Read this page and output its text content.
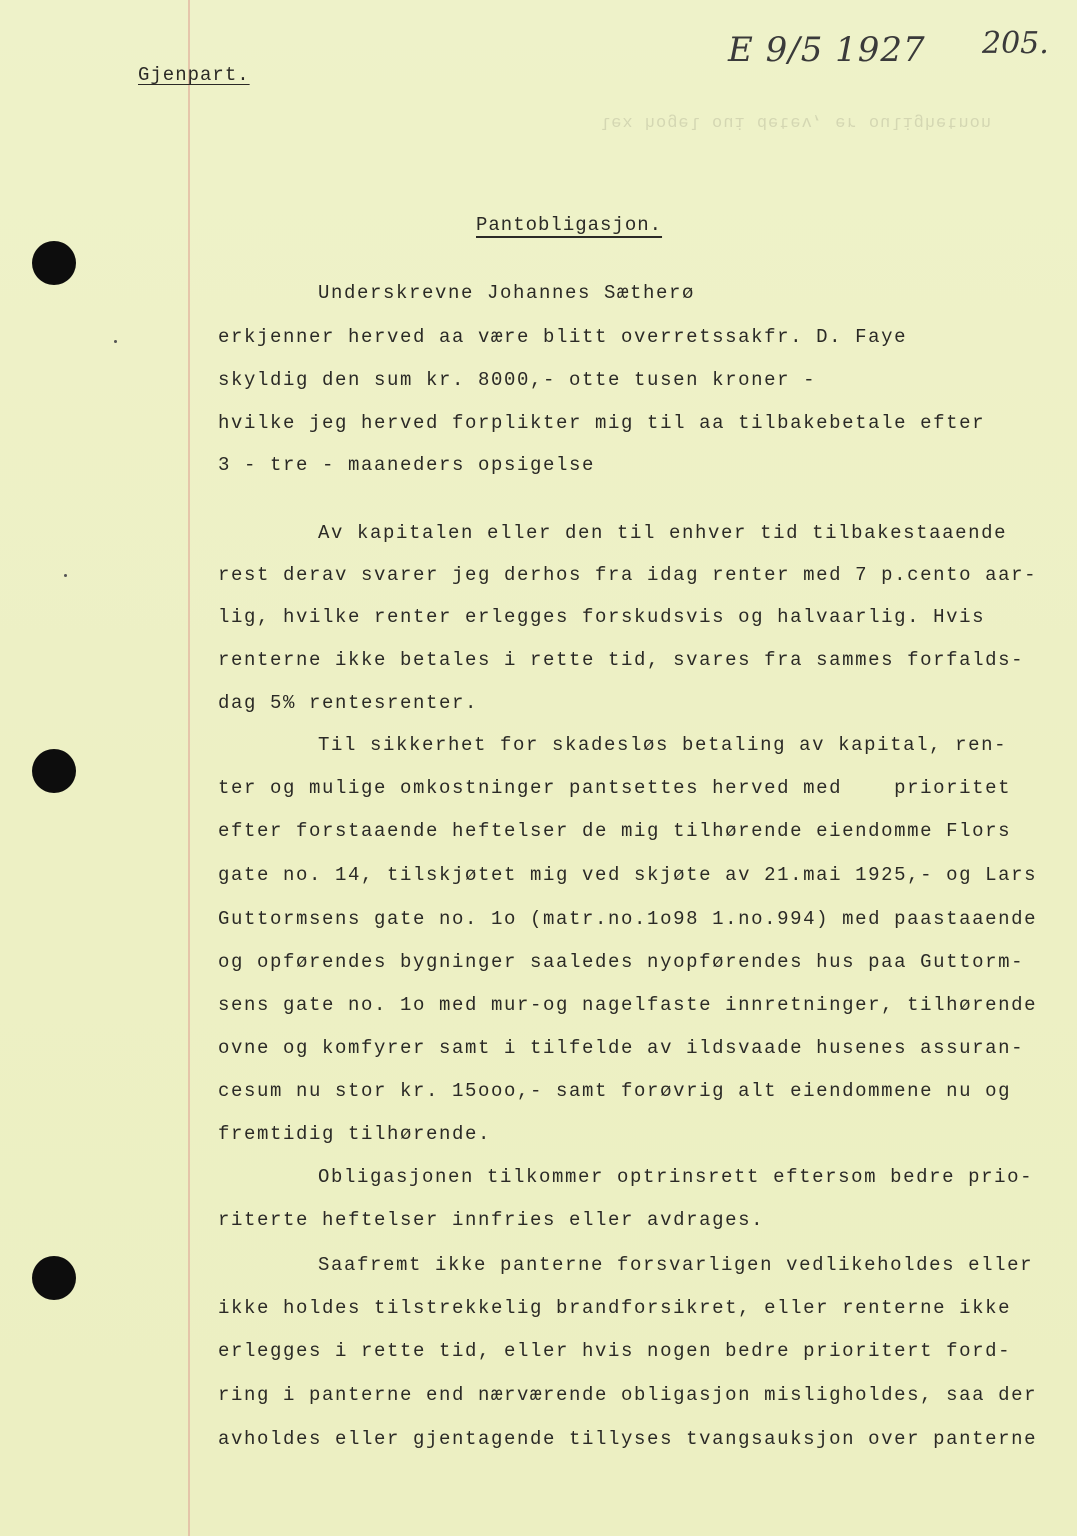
Gjenpart.
E 9/5 1927 205.
lex hogel oui detev, er oulighetnon
Pantobligasjon.
Underskrevne Johannes Sætherø
erkjenner herved aa være blitt overretssakfr. D. Faye
skyldig den sum kr. 8000,- otte tusen kroner -
hvilke jeg herved forplikter mig til aa tilbakebetale efter
3 - tre - maaneders opsigelse
Av kapitalen eller den til enhver tid tilbakestaaende
rest derav svarer jeg derhos fra idag renter med 7 p.cento aar-
lig, hvilke renter erlegges forskudsvis og halvaarlig. Hvis
renterne ikke betales i rette tid, svares fra sammes forfalds-
dag 5% rentesrenter.
Til sikkerhet for skadesløs betaling av kapital, ren-
ter og mulige omkostninger pantsettes herved med    prioritet
efter forstaaende heftelser de mig tilhørende eiendomme Flors
gate no. 14, tilskjøtet mig ved skjøte av 21.mai 1925,- og Lars
Guttormsens gate no. 1o (matr.no.1o98 1.no.994) med paastaaende
og opførendes bygninger saaledes nyopførendes hus paa Guttorm-
sens gate no. 1o med mur-og nagelfaste innretninger, tilhørende
ovne og komfyrer samt i tilfelde av ildsvaade husenes assuran-
cesum nu stor kr. 15ooo,- samt forøvrig alt eiendommene nu og
fremtidig tilhørende.
Obligasjonen tilkommer optrinsrett eftersom bedre prio-
riterte heftelser innfries eller avdrages.
Saafremt ikke panterne forsvarligen vedlikeholdes eller
ikke holdes tilstrekkelig brandforsikret, eller renterne ikke
erlegges i rette tid, eller hvis nogen bedre prioritert ford-
ring i panterne end nærværende obligasjon misligholdes, saa der
avholdes eller gjentagende tillyses tvangsauksjon over panterne
